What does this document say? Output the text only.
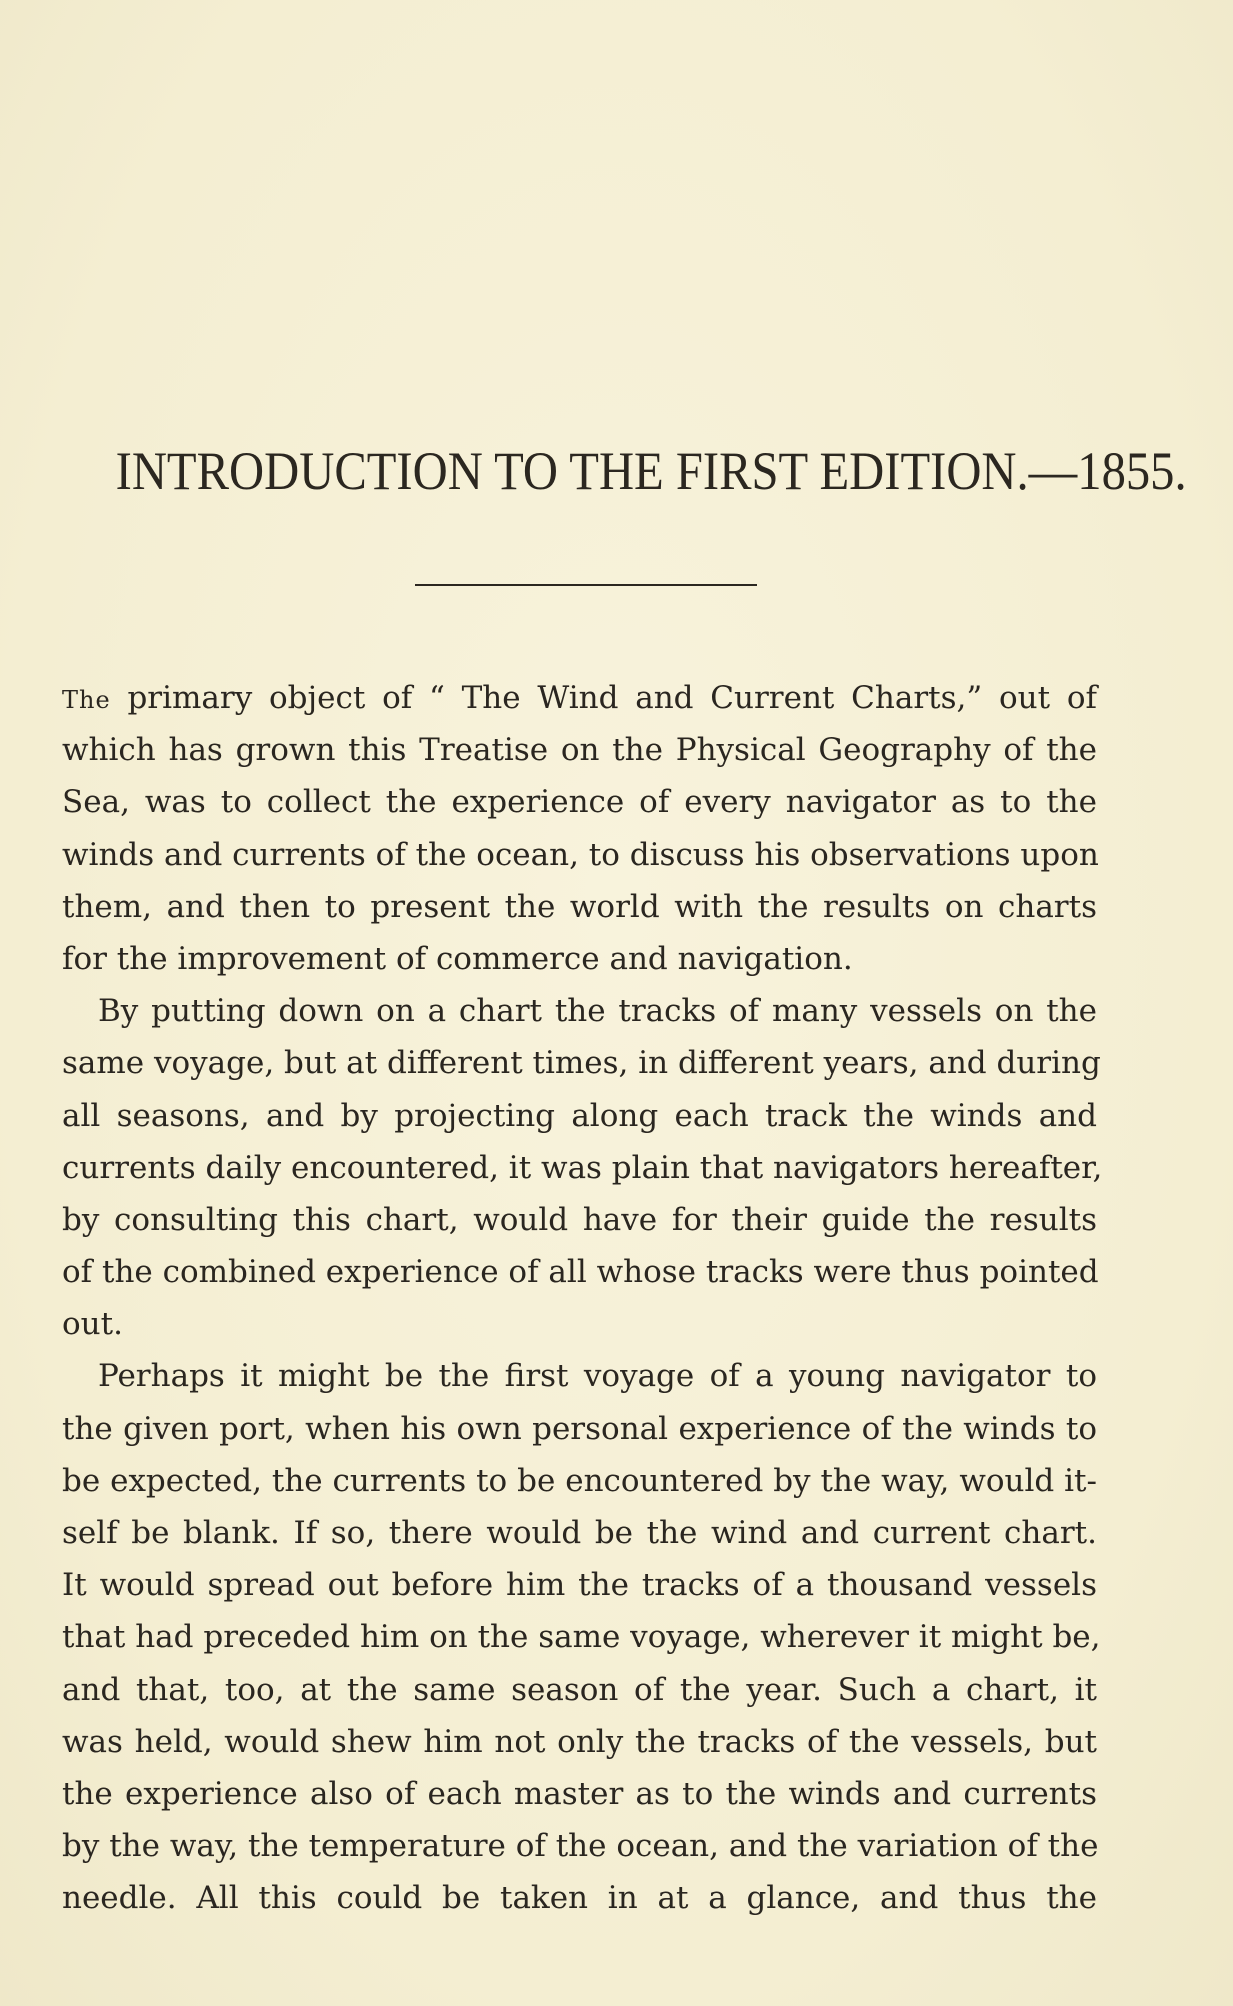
INTRODUCTION TO THE FIRST EDITION.—1855.
The primary object of “ The Wind and Current Charts,” out of
which has grown this Treatise on the Physical Geography of the
Sea, was to collect the experience of every navigator as to the
winds and currents of the ocean, to discuss his observations upon
them, and then to present the world with the results on charts
for the improvement of commerce and navigation.
By putting down on a chart the tracks of many vessels on the
same voyage, but at different times, in different years, and during
all seasons, and by projecting along each track the winds and
currents daily encountered, it was plain that navigators hereafter,
by consulting this chart, would have for their guide the results
of the combined experience of all whose tracks were thus pointed
out.
Perhaps it might be the first voyage of a young navigator to
the given port, when his own personal experience of the winds to
be expected, the currents to be encountered by the way, would it-
self be blank. If so, there would be the wind and current chart.
It would spread out before him the tracks of a thousand vessels
that had preceded him on the same voyage, wherever it might be,
and that, too, at the same season of the year. Such a chart, it
was held, would shew him not only the tracks of the vessels, but
the experience also of each master as to the winds and currents
by the way, the temperature of the ocean, and the variation of the
needle. All this could be taken in at a glance, and thus the
